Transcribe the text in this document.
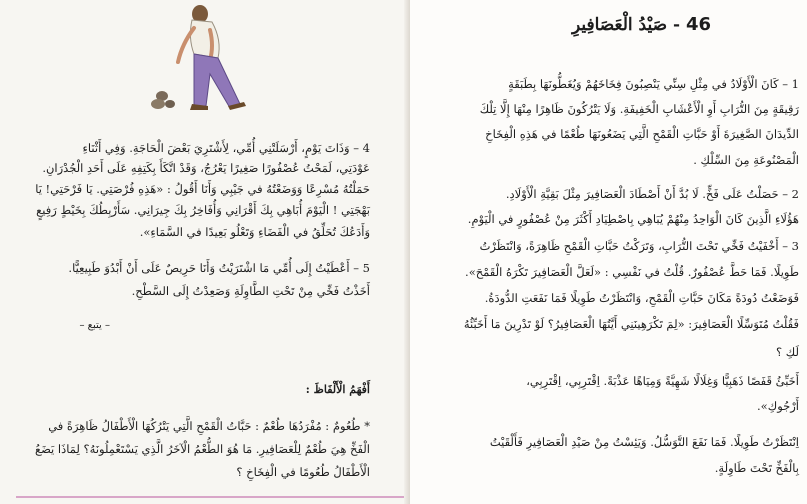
4 – وَذَاتَ يَوْمٍ، أَرْسَلَتْنِي أُمِّي، لِأَشْتَرِيَ بَعْضَ الْحَاجَةِ. وَفِي أَثْنَاءِ
عَوْدَتِي، لَمَحْتُ عُصْفُورًا صَغِيرًا يَعْرُجُ، وَقَدْ اتَّكَأَ بِكَتِفِهِ عَلَى أَحَدِ الْجُدْرَانِ.
حَمَلْتُهُ مُسْرِعًا وَوَضَعْتُهُ في جَيْبِي وَأَنَا أَقُولُ : «هَذِهِ فُرْصَتِي. يَا فَرْحَتِي! يَا
بَهْجَتِي ! الْيَوْمَ أُبَاهِي بِكَ أَقْرَانِي وَأُفَاخِرُ بِكَ جِيرَانِي. سَأَرْبِطُكَ بِخَيْطٍ رَفِيعٍ
وَأَدَعُكَ تُحَلِّقُ في الْفَضَاءِ وَتَعْلُو بَعِيدًا في السَّمَاءِ».
5 – أَعْطَيْتُ إِلَى أُمِّي مَا اشْتَرَيْتُ وَأَنَا حَرِيصٌ عَلَى أَنْ أَبْدُوَ طَبِيعِيًّا.
أَخَذْتُ فَخِّي مِنْ تَحْتِ الطَّاوِلَةِ وَصَعِدْتُ إِلَى السَّطْحِ.
– يتبع –
أَفْهَمُ الْأَلْفَاظَ :
* طُعُومٌ : مُفْرَدُهَا طُعْمٌ : حَبَّاتُ الْقَمْحِ الَّتِي يَتْرُكُهَا الْأَطْفَالُ ظَاهِرَةً في
الْفَخِّ هِيَ طُعْمٌ لِلْعَصَافِيرِ. مَا هُوَ الطُّعْمُ الْآخَرُ الَّذِي يَسْتَعْمِلُونَهُ؟ لِمَاذَا يَضَعُ
الْأَطْفَالُ طُعُومًا في الْفِخَاخِ ؟
46 - صَيْدُ الْعَصَافِيرِ
1 – كَانَ الْأَوْلَادُ في مِثْلِ سِنِّي يَنْصِبُونَ فِخَاخَهُمْ وَيُغَطُّونَهَا بِطَبَقَةٍ
رَقِيقَةٍ مِنَ التُّرَابِ أَوِ الْأَعْشَابِ الْخَفِيفَةِ. وَلَا يَتْرُكُونَ ظَاهِرًا مِنْهَا إِلَّا تِلْكَ
الدِّيدَانَ الصَّغِيرَةَ أَوْ حَبَّاتِ الْقَمْحِ الَّتِي يَضَعُونَهَا طُعْمًا في هَذِهِ الْفِخَاخِ
الْمَصْنُوعَةِ مِنَ السِّلْكِ .
2 – حَصَلْتُ عَلَى فَخٍّ. لَا بُدَّ أَنْ أَصْطَادَ الْعَصَافِيرَ مِثْلَ بَقِيَّةِ الْأَوْلَادِ.
هَؤُلَاءِ الَّذِينَ كَانَ الْوَاحِدُ مِنْهُمْ يُبَاهِي بِاصْطِيَادِ أَكْثَرَ مِنْ عُصْفُورٍ في الْيَوْمِ.
3 – أَخْفَيْتُ فَخِّي تَحْتَ التُّرَابِ، وَتَرَكْتُ حَبَّاتِ الْقَمْحِ ظَاهِرَةً، وَانْتَظَرْتُ
طَوِيلًا. فَمَا حَطَّ عُصْفُورٌ. قُلْتُ في نَفْسِي : «لَعَلَّ الْعَصَافِيرَ تَكْرَهُ الْقَمْحَ».
فَوَضَعْتُ دُودَةً مَكَانَ حَبَّاتِ الْقَمْحِ، وَانْتَظَرْتُ طَوِيلًا فَمَا نَفَعَتِ الدُّودَةُ.
فَقُلْتُ مُتَوَسِّلًا الْعَصَافِيرَ: «لِمَ تَكْرَهِينَنِي أَيَّتُهَا الْعَصَافِيرُ؟ لَوْ تَدْرِينَ مَا أَخَبِّئُهُ
لَكِ ؟
أَخَبِّئُ قَفَصًا ذَهَبِيًّا وَغِلَالًا شَهِيَّةً وَمِيَاهًا عَذْبَةً. اِقْتَرِبِي، اِقْتَرِبِي،
أَرْجُوكِ».
اِنْتَظَرْتُ طَوِيلًا. فَمَا نَفَعَ التَّوَسُّلُ. وَيَئِسْتُ مِنْ صَيْدِ الْعَصَافِيرِ فَأَلْقَيْتُ
بِالْفَخِّ تَحْتَ طَاوِلَةٍ.
